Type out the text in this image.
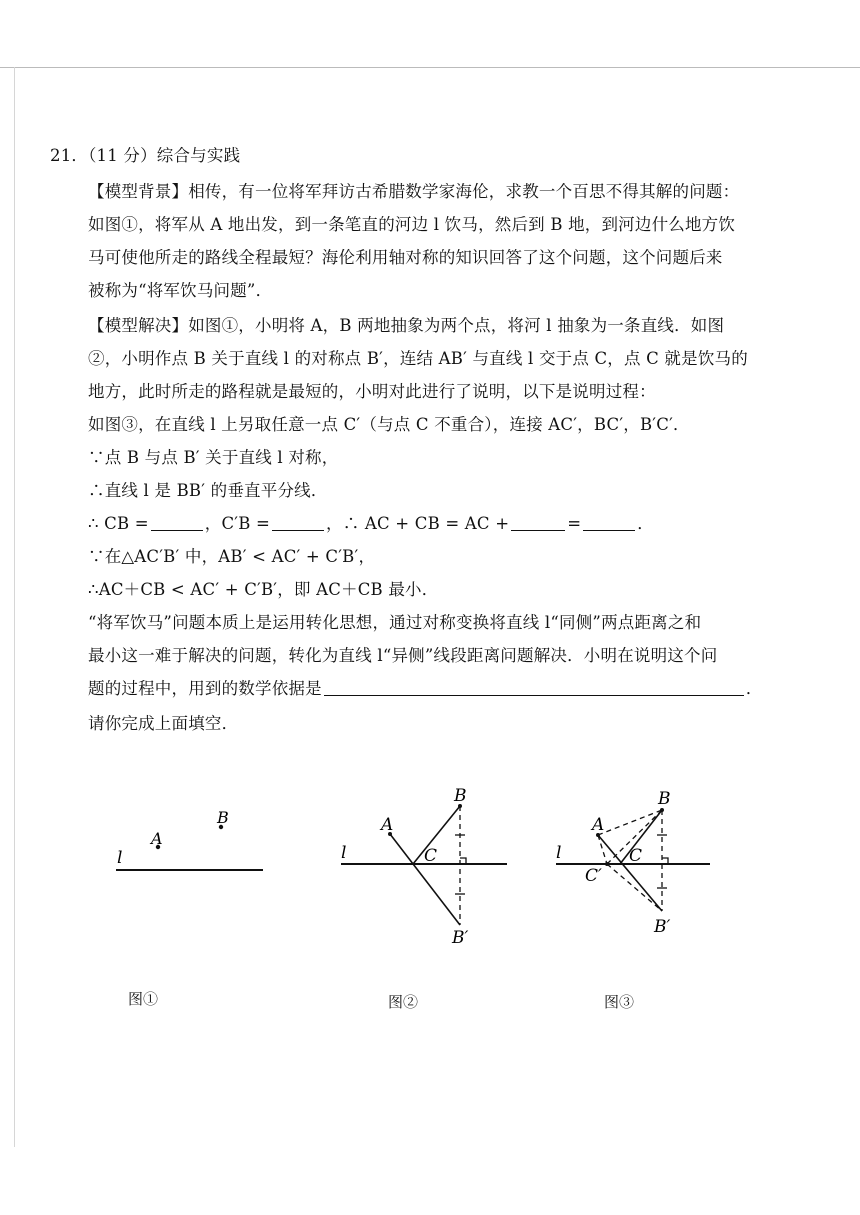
21．（11 分）综合与实践
【模型背景】相传，有一位将军拜访古希腊数学家海伦，求教一个百思不得其解的问题：
如图①，将军从 A 地出发，到一条笔直的河边 l 饮马，然后到 B 地，到河边什么地方饮
马可使他所走的路线全程最短？海伦利用轴对称的知识回答了这个问题，这个问题后来
被称为“将军饮马问题”．
【模型解决】如图①，小明将 A，B 两地抽象为两个点，将河 l 抽象为一条直线．如图
②，小明作点 B 关于直线 l 的对称点 B′，连结 AB′ 与直线 l 交于点 C，点 C 就是饮马的
地方，此时所走的路程就是最短的，小明对此进行了说明，以下是说明过程：
如图③，在直线 l 上另取任意一点 C′（与点 C 不重合），连接 AC′，BC′，B′C′．
∵点 B 与点 B′ 关于直线 l 对称，
∴直线 l 是 BB′ 的垂直平分线．
∴ CB =	，C′B =	，∴ AC + CB = AC +	=	．
∵在△AC′B′ 中，AB′ < AC′ + C′B′，
∴AC＋CB < AC′ + C′B′，即 AC＋CB 最小．
“将军饮马”问题本质上是运用转化思想，通过对称变换将直线 l“同侧”两点距离之和
最小这一难于解决的问题，转化为直线 l“异侧”线段距离问题解决．小明在说明这个问
题的过程中，用到的数学依据是	．
请你完成上面填空．
A
B
l
A
B
C
B′
l
A
B
C
C′
B′
l
图①	图②	图③
